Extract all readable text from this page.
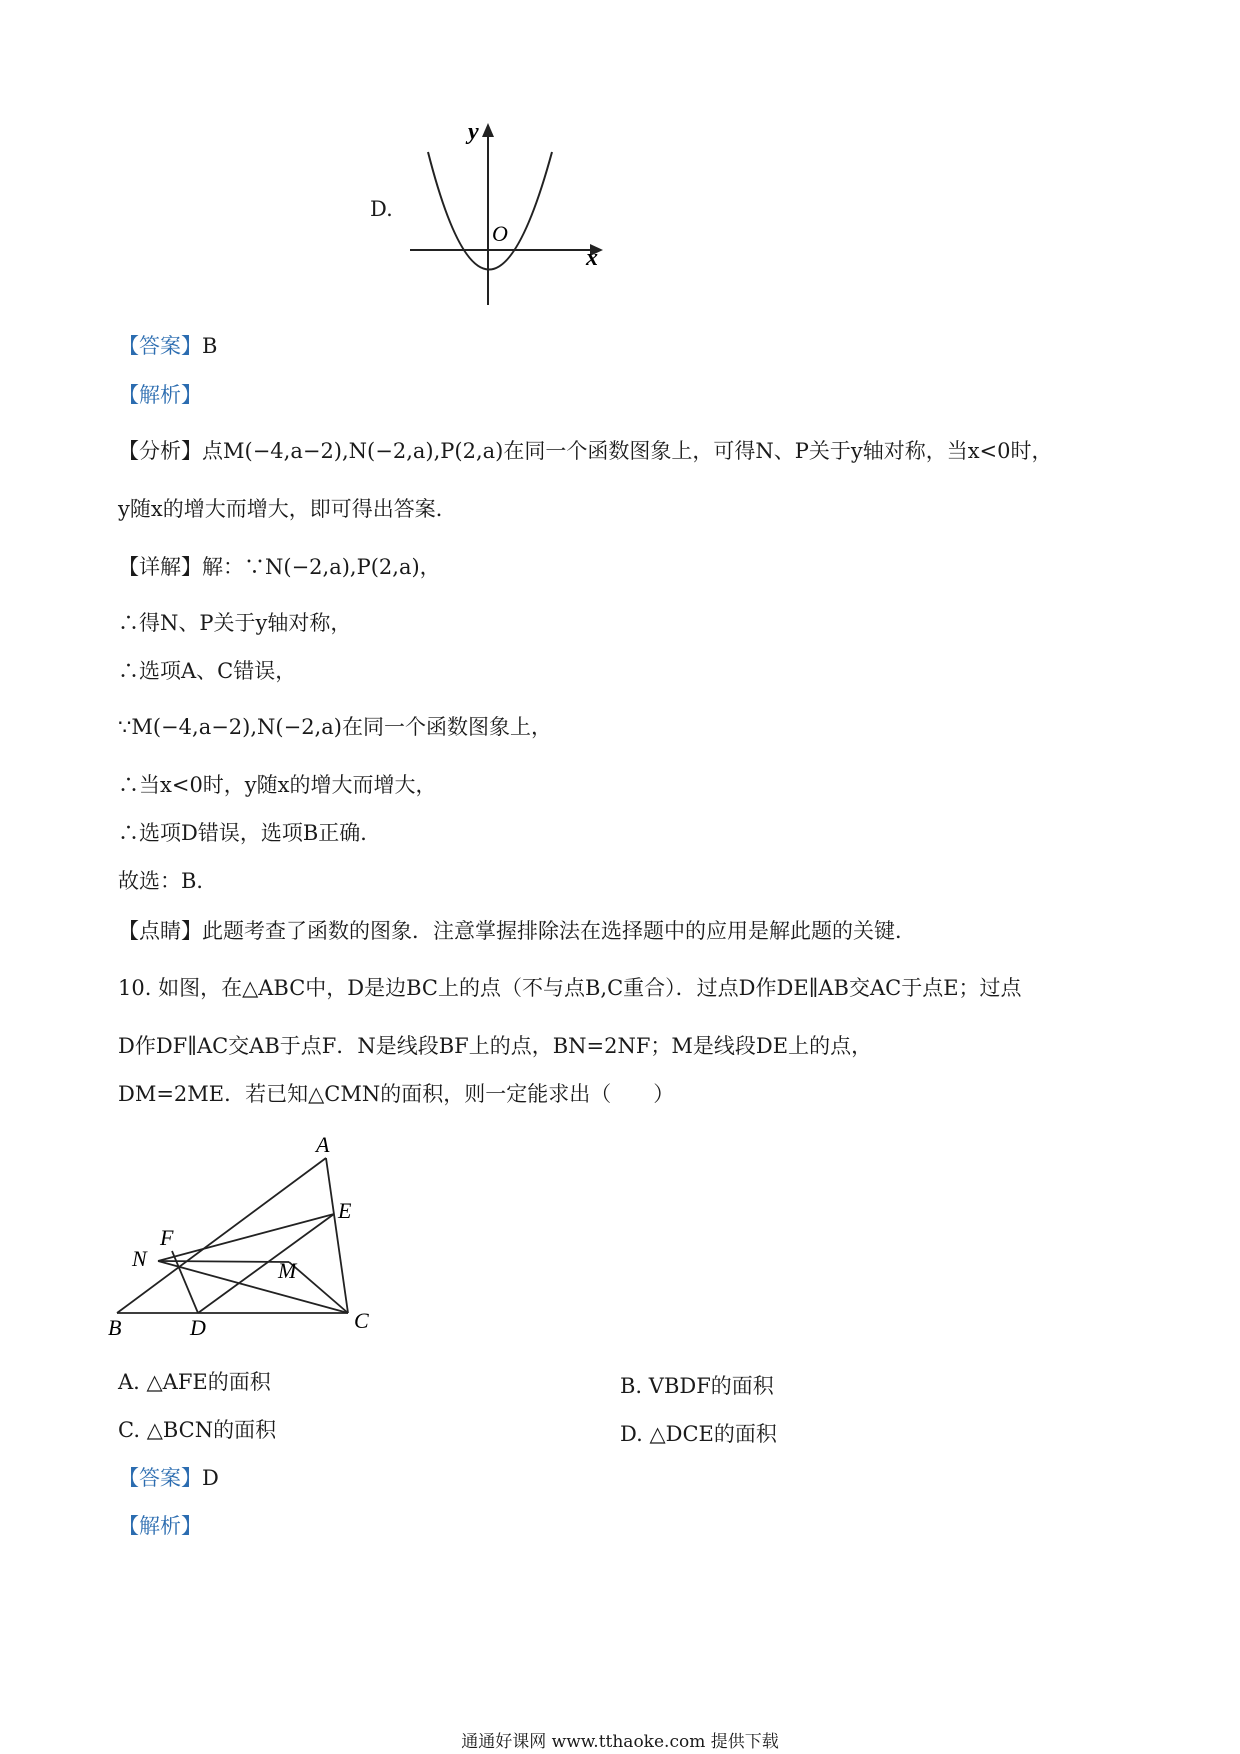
D.
y
x
O
【答案】B
【解析】
【分析】点M(−4,a−2),N(−2,a),P(2,a)在同一个函数图象上，可得N、P关于y轴对称，当x<0时，
y随x的增大而增大，即可得出答案．
【详解】解：∵N(−2,a),P(2,a)，
∴得N、P关于y轴对称，
∴选项A、C错误，
∵M(−4,a−2),N(−2,a)在同一个函数图象上，
∴当x<0时，y随x的增大而增大，
∴选项D错误，选项B正确．
故选：B．
【点睛】此题考查了函数的图象．注意掌握排除法在选择题中的应用是解此题的关键．
10. 如图，在△ABC中，D是边BC上的点（不与点B,C重合）．过点D作DE∥AB交AC于点E；过点
D作DF∥AC交AB于点F．N是线段BF上的点，BN=2NF；M是线段DE上的点，
DM=2ME．若已知△CMN的面积，则一定能求出（　　）
A
B	C
D
E
F
M
N
A. △AFE的面积	B. VBDF的面积
C. △BCN的面积	D. △DCE的面积
【答案】D
【解析】
通通好课网 www.tthaoke.com 提供下载
